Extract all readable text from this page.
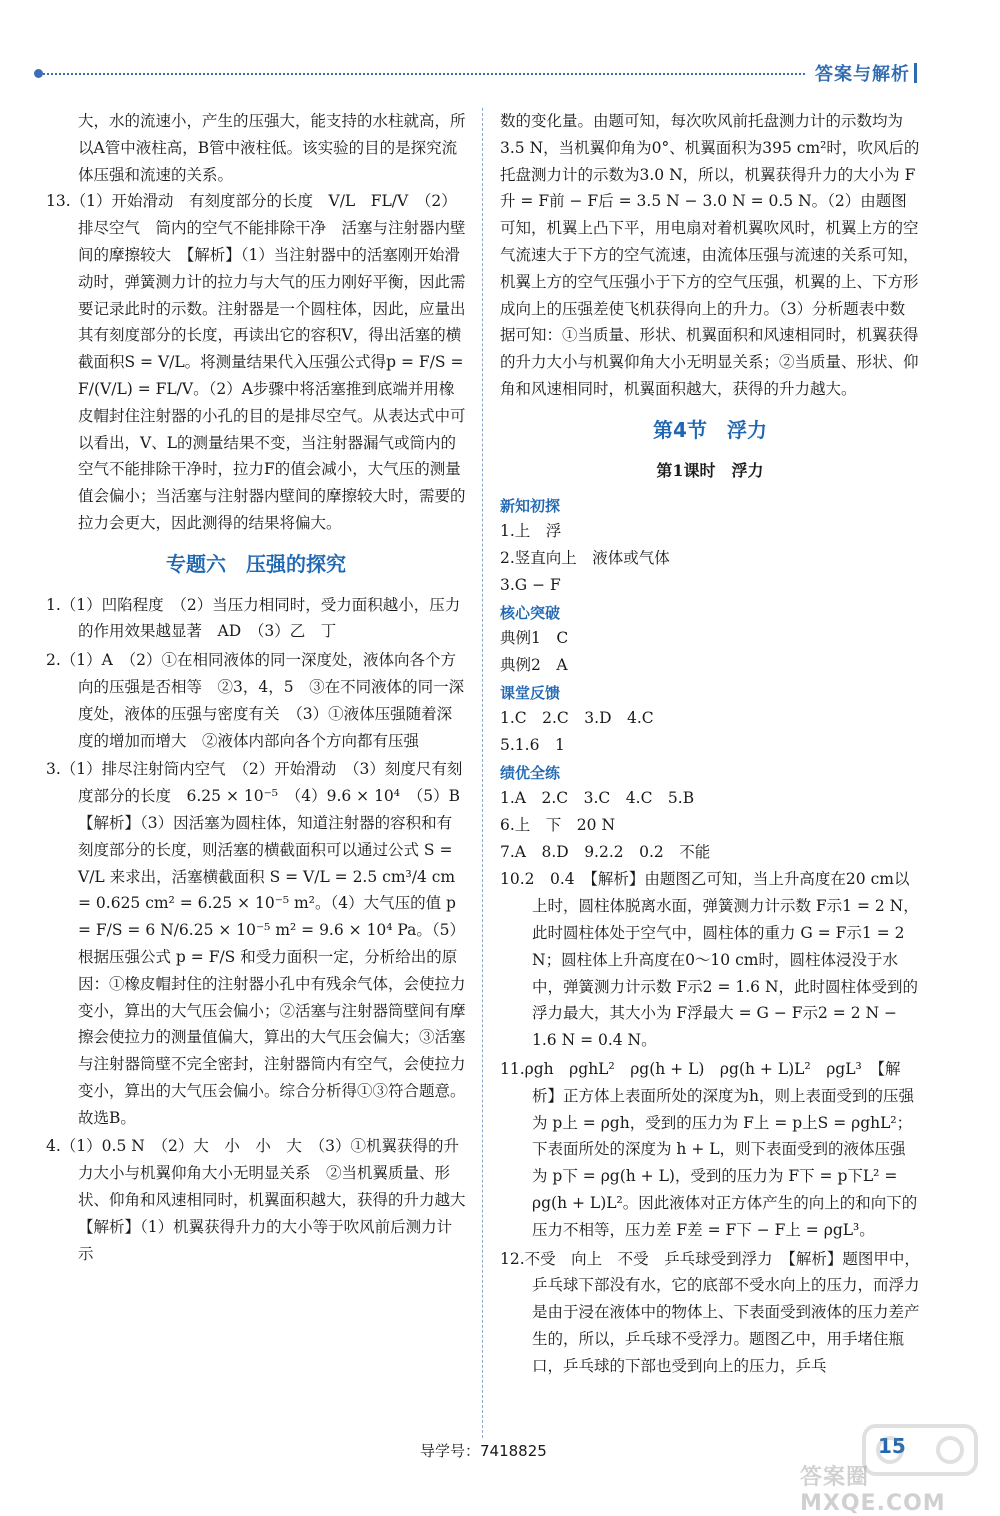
答案与解析

大，水的流速小，产生的压强大，能支持的水柱就高，所以A管中液柱高，B管中液柱低。该实验的目的是探究流体压强和流速的关系。

13.（1）开始滑动　有刻度部分的长度　V/L　FL/V　（2）排尽空气　筒内的空气不能排除干净　活塞与注射器内壁间的摩擦较大　【解析】（1）当注射器中的活塞刚开始滑动时，弹簧测力计的拉力与大气的压力刚好平衡，因此需要记录此时的示数。注射器是一个圆柱体，因此，应量出其有刻度部分的长度，再读出它的容积V，得出活塞的横截面积S = V/L。将测量结果代入压强公式得p = F/S = F/(V/L) = FL/V。（2）A步骤中将活塞推到底端并用橡皮帽封住注射器的小孔的目的是排尽空气。从表达式中可以看出，V、L的测量结果不变，当注射器漏气或筒内的空气不能排除干净时，拉力F的值会减小，大气压的测量值会偏小；当活塞与注射器内壁间的摩擦较大时，需要的拉力会更大，因此测得的结果将偏大。

专题六　压强的探究

1.（1）凹陷程度　（2）当压力相同时，受力面积越小，压力的作用效果越显著　AD　（3）乙　丁

2.（1）A　（2）①在相同液体的同一深度处，液体向各个方向的压强是否相等　②3，4，5　③在不同液体的同一深度处，液体的压强与密度有关　（3）①液体压强随着深度的增加而增大　②液体内部向各个方向都有压强

3.（1）排尽注射筒内空气　（2）开始滑动　（3）刻度尺有刻度部分的长度　6.25 × 10⁻⁵　（4）9.6 × 10⁴　（5）B　【解析】（3）因活塞为圆柱体，知道注射器的容积和有刻度部分的长度，则活塞的横截面积可以通过公式 S = V/L 来求出，活塞横截面积 S = V/L = 2.5 cm³/4 cm = 0.625 cm² = 6.25 × 10⁻⁵ m²。（4）大气压的值 p = F/S = 6 N/6.25 × 10⁻⁵ m² = 9.6 × 10⁴ Pa。（5）根据压强公式 p = F/S 和受力面积一定，分析给出的原因：①橡皮帽封住的注射器小孔中有残余气体，会使拉力变小，算出的大气压会偏小；②活塞与注射器筒壁间有摩擦会使拉力的测量值偏大，算出的大气压会偏大；③活塞与注射器筒壁不完全密封，注射器筒内有空气，会使拉力变小，算出的大气压会偏小。综合分析得①③符合题意。故选B。

4.（1）0.5 N　（2）大　小　小　大　（3）①机翼获得的升力大小与机翼仰角大小无明显关系　②当机翼质量、形状、仰角和风速相同时，机翼面积越大，获得的升力越大　【解析】（1）机翼获得升力的大小等于吹风前后测力计示

数的变化量。由题可知，每次吹风前托盘测力计的示数均为3.5 N，当机翼仰角为0°、机翼面积为395 cm²时，吹风后的托盘测力计的示数为3.0 N，所以，机翼获得升力的大小为 F升 = F前 − F后 = 3.5 N − 3.0 N = 0.5 N。（2）由题图可知，机翼上凸下平，用电扇对着机翼吹风时，机翼上方的空气流速大于下方的空气流速，由流体压强与流速的关系可知，机翼上方的空气压强小于下方的空气压强，机翼的上、下方形成向上的压强差使飞机获得向上的升力。（3）分析题表中数据可知：①当质量、形状、机翼面积和风速相同时，机翼获得的升力大小与机翼仰角大小无明显关系；②当质量、形状、仰角和风速相同时，机翼面积越大，获得的升力越大。

第4节　浮力
第1课时　浮力
新知初探

1.上　浮

2.竖直向上　液体或气体

3.G − F

核心突破

典例1　C

典例2　A

课堂反馈

1.C　2.C　3.D　4.C

5.1.6　1

绩优全练

1.A　2.C　3.C　4.C　5.B

6.上　下　20 N

7.A　8.D　9.2.2　0.2　不能

10.2　0.4　【解析】由题图乙可知，当上升高度在20 cm以上时，圆柱体脱离水面，弹簧测力计示数 F示1 = 2 N，此时圆柱体处于空气中，圆柱体的重力 G = F示1 = 2 N；圆柱体上升高度在0～10 cm时，圆柱体浸没于水中，弹簧测力计示数 F示2 = 1.6 N，此时圆柱体受到的浮力最大，其大小为 F浮最大 = G − F示2 = 2 N − 1.6 N = 0.4 N。

11.ρgh　ρghL²　ρg(h + L)　ρg(h + L)L²　ρgL³　【解析】正方体上表面所处的深度为h，则上表面受到的压强为 p上 = ρgh，受到的压力为 F上 = p上S = ρghL²；下表面所处的深度为 h + L，则下表面受到的液体压强为 p下 = ρg(h + L)，受到的压力为 F下 = p下L² = ρg(h + L)L²。因此液体对正方体产生的向上的和向下的压力不相等，压力差 F差 = F下 − F上 = ρgL³。

12.不受　向上　不受　乒乓球受到浮力　【解析】题图甲中，乒乓球下部没有水，它的底部不受水向上的压力，而浮力是由于浸在液体中的物体上、下表面受到液体的压力差产生的，所以，乒乓球不受浮力。题图乙中，用手堵住瓶口，乒乓球的下部也受到向上的压力，乒乓

导学号：7418825	15
答案圈 MXQE.COM
